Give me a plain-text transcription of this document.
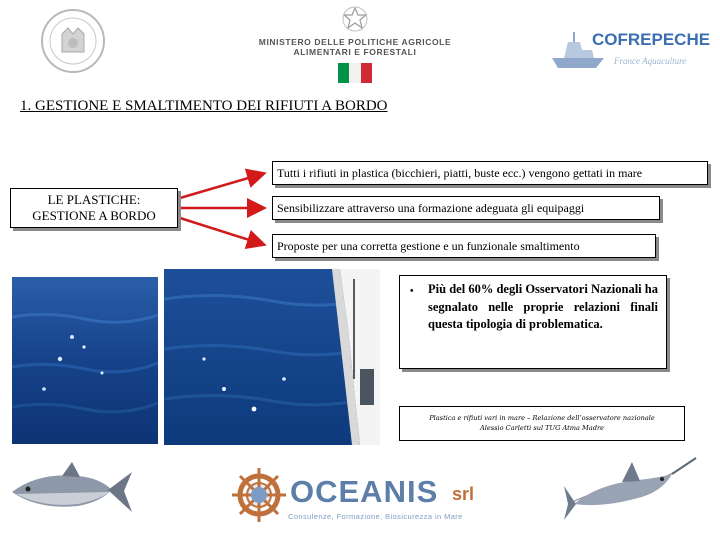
MINISTERO DELLE POLITICHE AGRICOLE
ALIMENTARI E FORESTALI
COFREPECHE
France Aquaculture
1. GESTIONE E SMALTIMENTO DEI RIFIUTI A BORDO
LE PLASTICHE:
GESTIONE A BORDO
Tutti i rifiuti in plastica (bicchieri, piatti, buste ecc.) vengono gettati in mare
Sensibilizzare attraverso una formazione adeguata gli equipaggi
Proposte per una corretta gestione e un funzionale smaltimento
• Più del 60% degli Osservatori Nazionali ha segnalato nelle proprie relazioni finali questa tipologia di problematica.
Plastica e rifiuti vari in mare – Relazione dell’osservatore nazionale
Alessio Carletti sul TUG Atma Madre
OCEANIS srl
Consulenze, Formazione, Biosicurezza in Mare
